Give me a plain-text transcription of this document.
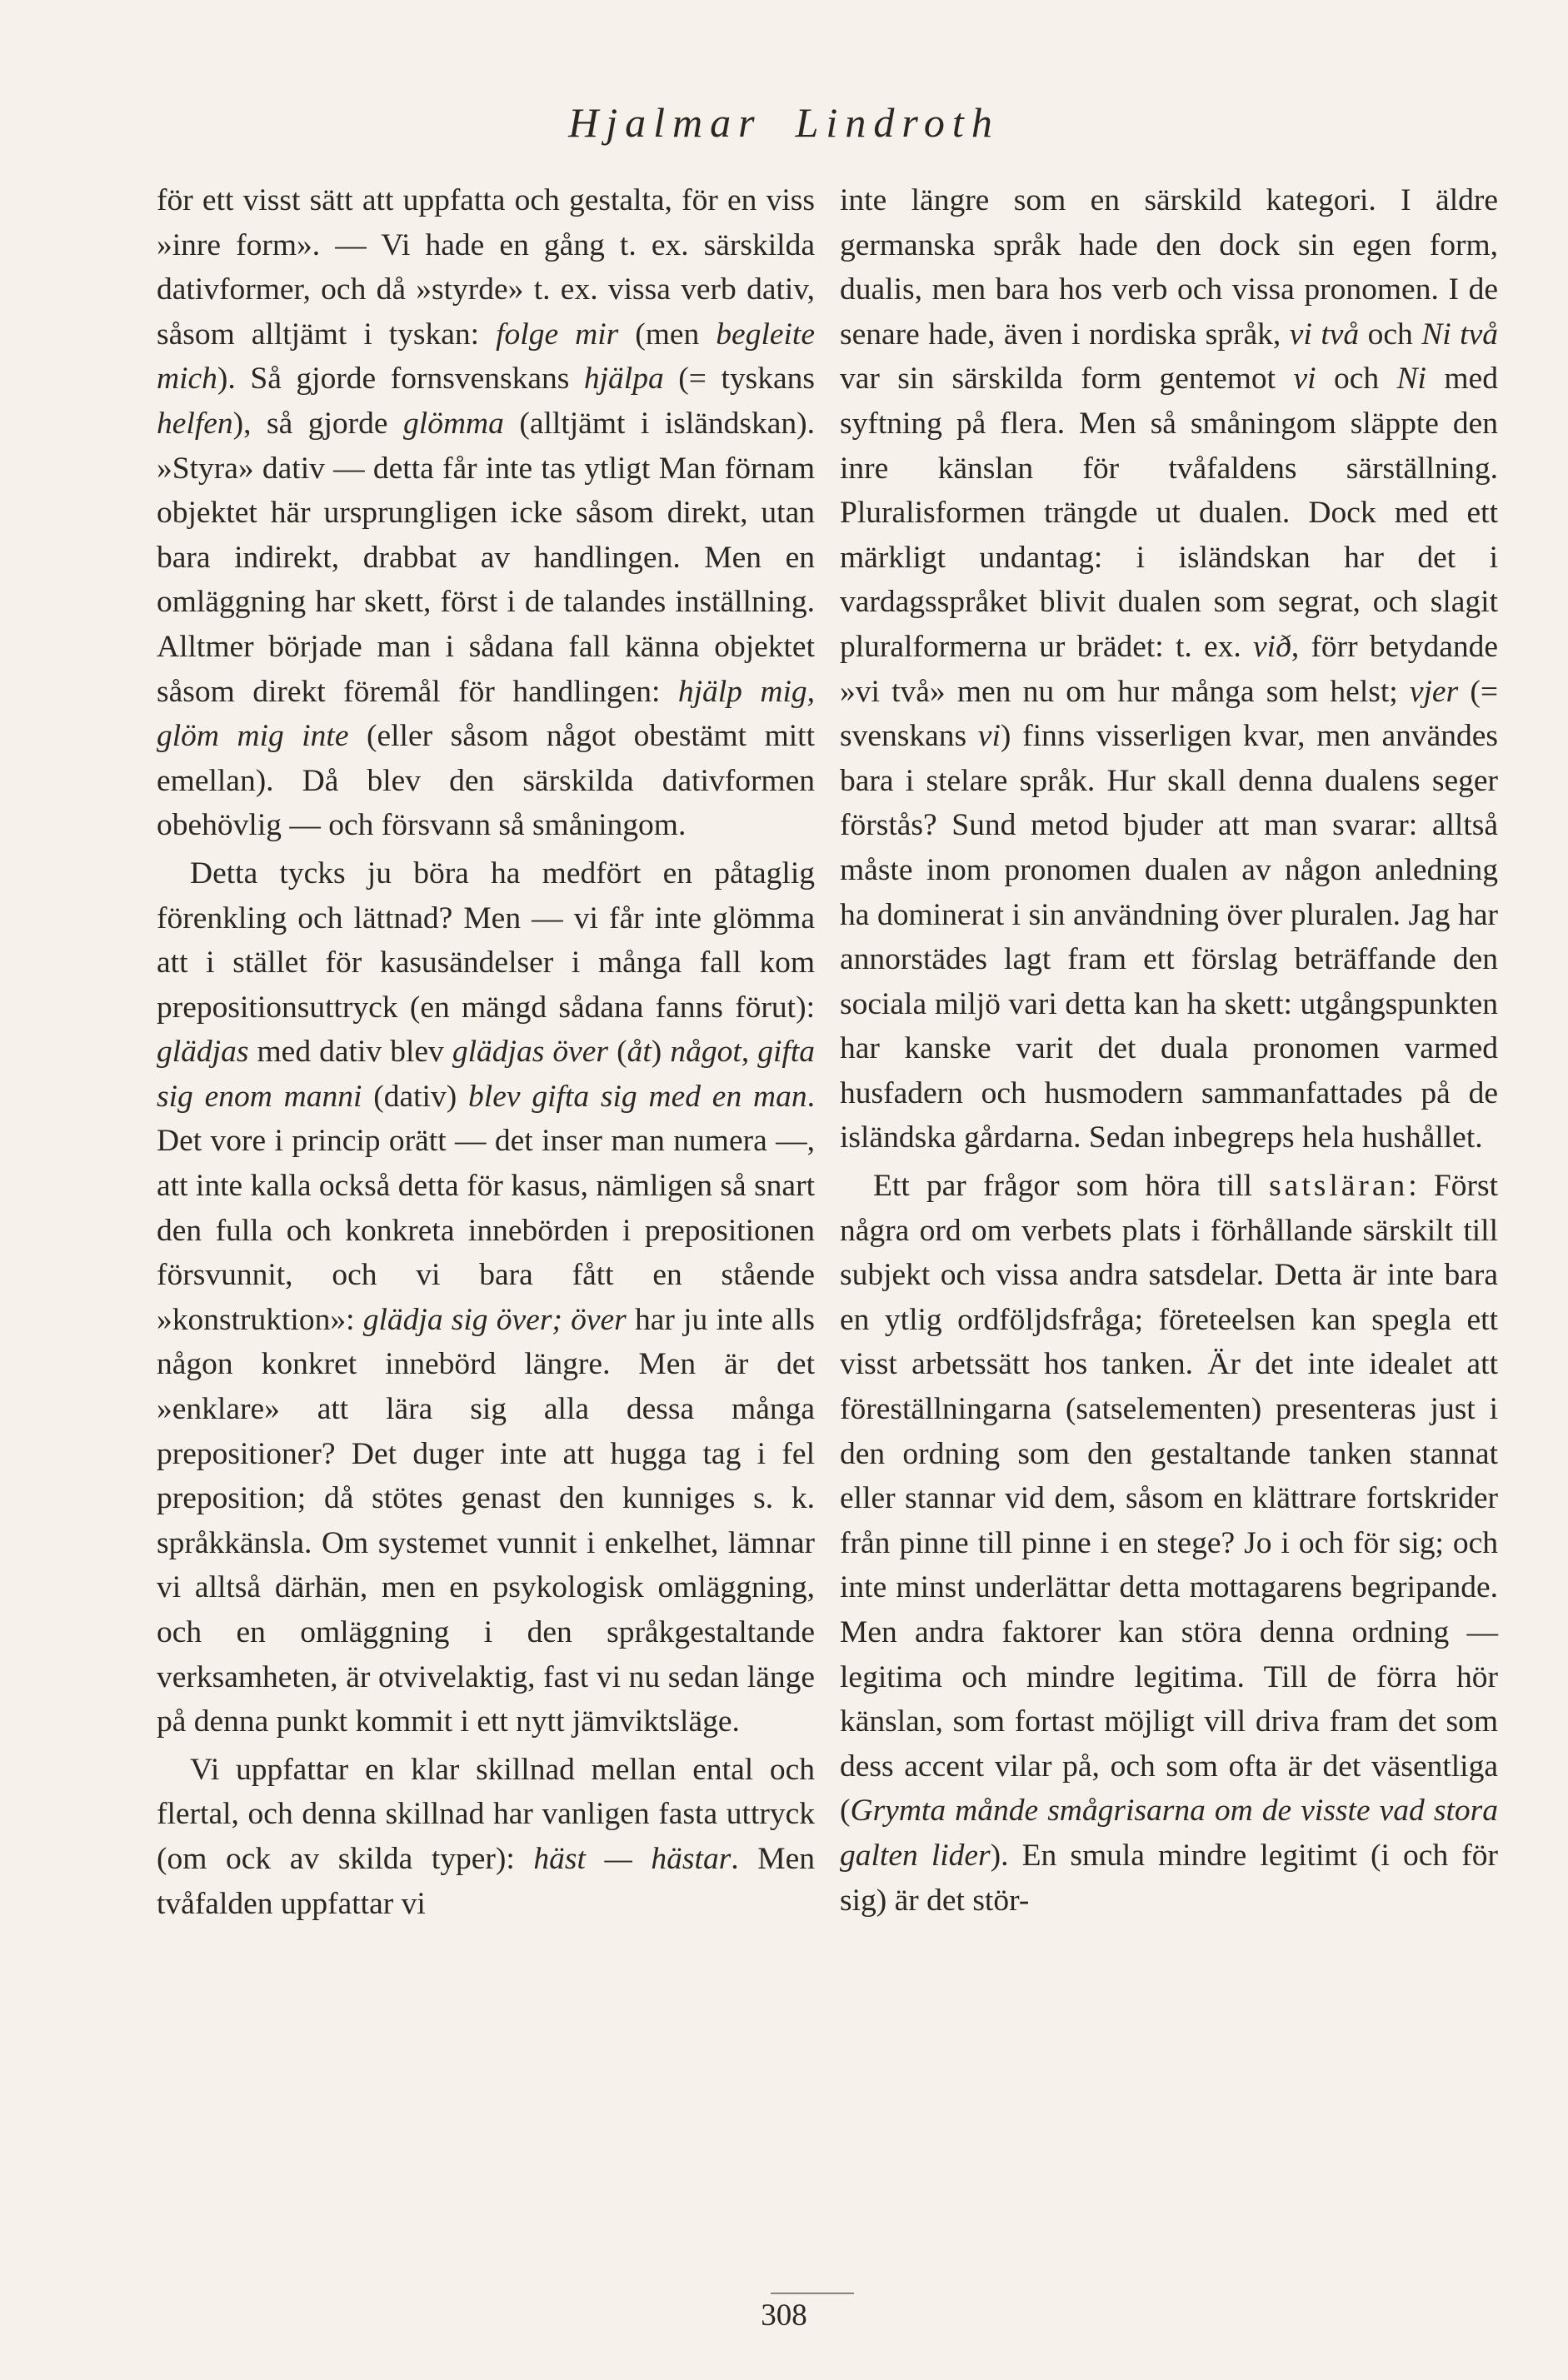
Hjalmar Lindroth

för ett visst sätt att uppfatta och gestalta, för en viss »inre form». — Vi hade en gång t. ex. särskilda dativformer, och då »styrde» t. ex. vissa verb dativ, såsom alltjämt i tyskan: folge mir (men begleite mich). Så gjorde fornsvenskans hjälpa (= tyskans helfen), så gjorde glömma (alltjämt i isländskan). »Styra» dativ — detta får inte tas ytligt Man förnam objektet här ursprungligen icke såsom direkt, utan bara indirekt, drabbat av handlingen. Men en omläggning har skett, först i de talandes inställning. Alltmer började man i sådana fall känna objektet såsom direkt föremål för handlingen: hjälp mig, glöm mig inte (eller såsom något obestämt mitt emellan). Då blev den särskilda dativformen obehövlig — och försvann så småningom.

Detta tycks ju böra ha medfört en påtaglig förenkling och lättnad? Men — vi får inte glömma att i stället för kasusändelser i många fall kom prepositionsuttryck (en mängd sådana fanns förut): glädjas med dativ blev glädjas över (åt) något, gifta sig enom manni (dativ) blev gifta sig med en man. Det vore i princip orätt — det inser man numera —, att inte kalla också detta för kasus, nämligen så snart den fulla och konkreta innebörden i prepositionen försvunnit, och vi bara fått en stående »konstruktion»: glädja sig över; över har ju inte alls någon konkret innebörd längre. Men är det »enklare» att lära sig alla dessa många prepositioner? Det duger inte att hugga tag i fel preposition; då stötes genast den kunniges s. k. språkkänsla. Om systemet vunnit i enkelhet, lämnar vi alltså därhän, men en psykologisk omläggning, och en omläggning i den språkgestaltande verksamheten, är otvivelaktig, fast vi nu sedan länge på denna punkt kommit i ett nytt jämviktsläge.

Vi uppfattar en klar skillnad mellan ental och flertal, och denna skillnad har vanligen fasta uttryck (om ock av skilda typer): häst — hästar. Men tvåfalden uppfattar vi

inte längre som en särskild kategori. I äldre germanska språk hade den dock sin egen form, dualis, men bara hos verb och vissa pronomen. I de senare hade, även i nordiska språk, vi två och Ni två var sin särskilda form gentemot vi och Ni med syftning på flera. Men så småningom släppte den inre känslan för tvåfaldens särställning. Pluralisformen trängde ut dualen. Dock med ett märkligt undantag: i isländskan har det i vardagsspråket blivit dualen som segrat, och slagit pluralformerna ur brädet: t. ex. við, förr betydande »vi två» men nu om hur många som helst; vjer (= svenskans vi) finns visserligen kvar, men användes bara i stelare språk. Hur skall denna dualens seger förstås? Sund metod bjuder att man svarar: alltså måste inom pronomen dualen av någon anledning ha dominerat i sin användning över pluralen. Jag har annorstädes lagt fram ett förslag beträffande den sociala miljö vari detta kan ha skett: utgångspunkten har kanske varit det duala pronomen varmed husfadern och husmodern sammanfattades på de isländska gårdarna. Sedan inbegreps hela hushållet.

Ett par frågor som höra till satsläran: Först några ord om verbets plats i förhållande särskilt till subjekt och vissa andra satsdelar. Detta är inte bara en ytlig ordföljdsfråga; företeelsen kan spegla ett visst arbetssätt hos tanken. Är det inte idealet att föreställningarna (satselementen) presenteras just i den ordning som den gestaltande tanken stannat eller stannar vid dem, såsom en klättrare fortskrider från pinne till pinne i en stege? Jo i och för sig; och inte minst underlättar detta mottagarens begripande. Men andra faktorer kan störa denna ordning — legitima och mindre legitima. Till de förra hör känslan, som fortast möjligt vill driva fram det som dess accent vilar på, och som ofta är det väsentliga (Grymta månde smågrisarna om de visste vad stora galten lider). En smula mindre legitimt (i och för sig) är det stör-

308
